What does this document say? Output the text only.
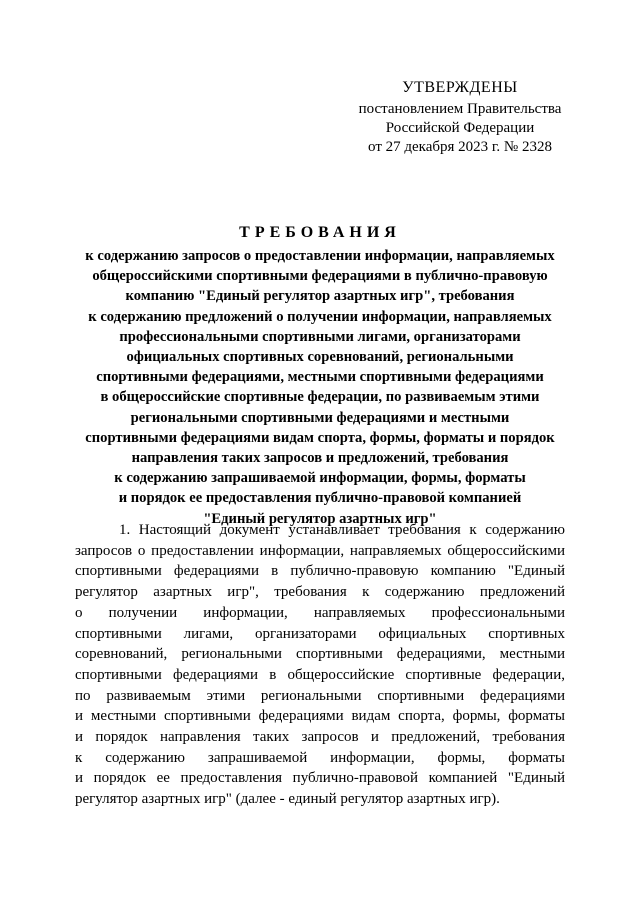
УТВЕРЖДЕНЫ
постановлением Правительства
Российской Федерации
от 27 декабря 2023 г. № 2328
ТРЕБОВАНИЯ
к содержанию запросов о предоставлении информации, направляемых
общероссийскими спортивными федерациями в публично-правовую
компанию "Единый регулятор азартных игр", требования
к содержанию предложений о получении информации, направляемых
профессиональными спортивными лигами, организаторами
официальных спортивных соревнований, региональными
спортивными федерациями, местными спортивными федерациями
в общероссийские спортивные федерации, по развиваемым этими
региональными спортивными федерациями и местными
спортивными федерациями видам спорта, формы, форматы и порядок
направления таких запросов и предложений, требования
к содержанию запрашиваемой информации, формы, форматы
и порядок ее предоставления публично-правовой компанией
"Единый регулятор азартных игр"
1. Настоящий документ устанавливает требования к содержанию
запросов о предоставлении информации, направляемых общероссийскими
спортивными федерациями в публично-правовую компанию "Единый
регулятор азартных игр", требования к содержанию предложений
о получении информации, направляемых профессиональными
спортивными лигами, организаторами официальных спортивных
соревнований, региональными спортивными федерациями, местными
спортивными федерациями в общероссийские спортивные федерации,
по развиваемым этими региональными спортивными федерациями
и местными спортивными федерациями видам спорта, формы, форматы
и порядок направления таких запросов и предложений, требования
к содержанию запрашиваемой информации, формы, форматы
и порядок ее предоставления публично-правовой компанией "Единый
регулятор азартных игр" (далее - единый регулятор азартных игр).
